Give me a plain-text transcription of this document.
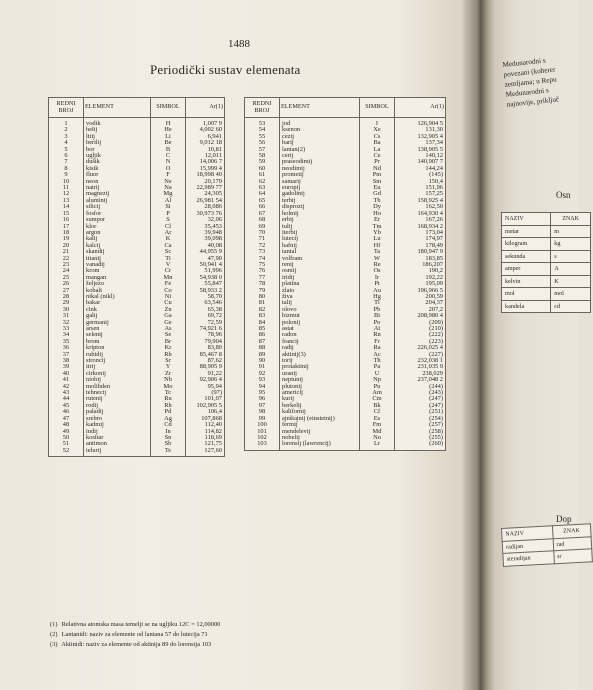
1488
Periodički sustav elemenata
REDNI BROJ	ELEMENT	SIMBOL	Ar(1)
1	vodik	H	1,007 9
2	helij	He	4,002 60
3	litij	Li	6,941
4	berilij	Be	9,012 18
5	bor	B	10,81
6	ugljik	C	12,011
7	dušik	N	14,006 7
8	kisik	O	15,999 4
9	fluor	F	18,998 40
10	neon	Ne	20,179
11	natrij	Na	22,989 77
12	magnezij	Mg	24,305
13	aluminij	Al	26,981 54
14	silicij	Si	28,086
15	fosfor	P	30,973 76
16	sumpor	S	32,06
17	klor	Cl	35,453
18	argon	Ar	39,948
19	kalij	K	39,098
20	kalcij	Ca	40,08
21	skandij	Sc	44,955 9
22	titanij	Ti	47,90
23	vanadij	V	50,941 4
24	krom	Cr	51,996
25	mangan	Mn	54,938 0
26	željezo	Fe	55,847
27	kobalt	Co	58,933 2
28	nikal (nikl)	Ni	58,70
29	bakar	Cu	63,546
30	cink	Zn	65,38
31	galij	Ga	69,72
32	germanij	Ge	72,59
33	arsen	As	74,921 6
34	selenij	Se	78,96
35	brom	Br	79,904
36	kripton	Kr	83,80
37	rubidij	Rb	85,467 8
38	stroncij	Sr	87,62
39	itrij	Y	88,905 9
40	cirkonij	Zr	91,22
41	niobij	Nb	92,906 4
42	molibden	Mo	95,94
43	tehnecij	Tc	(97)
44	rutenij	Ru	101,07
45	rodij	Rh	102,905 5
46	paladij	Pd	106,4
47	srebro	Ag	107,868
48	kadmij	Cd	112,40
49	indij	In	114,82
50	kositar	Sn	118,69
51	antimon	Sb	121,75
52	telurij	Te	127,60
REDNI BROJ	ELEMENT	SIMBOL	Ar(1)
53	jod	I	126,904 5
54	ksenon	Xe	131,30
55	cezij	Cs	132,905 4
56	barij	Ba	137,34
57	lantan(2)	La	138,905 5
58	cerij	Ce	140,12
59	praseodimij	Pr	140,907 7
60	neodimij	Nd	144,24
61	prometij	Pm	(145)
62	samarij	Sm	150,4
63	europij	Eu	151,96
64	gadolinij	Gd	157,25
65	terbij	Tb	158,925 4
66	disprozij	Dy	162,50
67	holmij	Ho	164,930 4
68	erbij	Er	167,26
69	tulij	Tm	168,934 2
70	iterbij	Yb	173,04
71	lutecij	Lu	174,97
72	hafnij	Hf	178,49
73	tantal	Ta	180,947 9
74	volfram	W	183,85
75	renij	Re	186,207
76	osmij	Os	190,2
77	iridij	Ir	192,22
78	platina	Pt	195,09
79	zlato	Au	196,966 5
80	živa	Hg	200,59
81	talij	Tl	204,37
82	olovo	Pb	207,2
83	bizmut	Bi	208,980 4
84	polonij	Po	(209)
85	astat	At	(210)
86	radon	Rn	(222)
87	francij	Fr	(223)
88	radij	Ra	226,025 4
89	aktinij(3)	Ac	(227)
90	torij	Th	232,038 1
91	protaktinij	Pa	231,035 9
92	uranij	U	238,029
93	neptunij	Np	237,048 2
94	plutonij	Pu	(244)
95	americij	Am	(243)
96	kurij	Cm	(247)
97	berkelij	Bk	(247)
98	kalifornij	Cf	(251)
99	ajnštajnij (einsteinij)	Es	(254)
100	fermij	Fm	(257)
101	mendelevij	Md	(258)
102	nobelij	No	(255)
103	lorensij (lawrencij)	Lr	(260)
(1) Relativna atomska masa temelji se na ugljiku 12C = 12,00000
(2) Lantanidi: naziv za elemente od lantana 57 do lutecija 71
(3) Aktinidi: naziv za elemente od aktinija 89 do lorensija 103
Medunarodni s
povezani (koherer
zemljama; u Repu
Medunarodni s
najnovije, priključ
Osn
NAZIV	ZNAK
metar	m
kilogram	kg
sekunda	s
amper	A
kelvin	K
mol	mol
kandela	cd
Dop
NAZIV	ZNAK
radijan	rad
steradijan	sr
